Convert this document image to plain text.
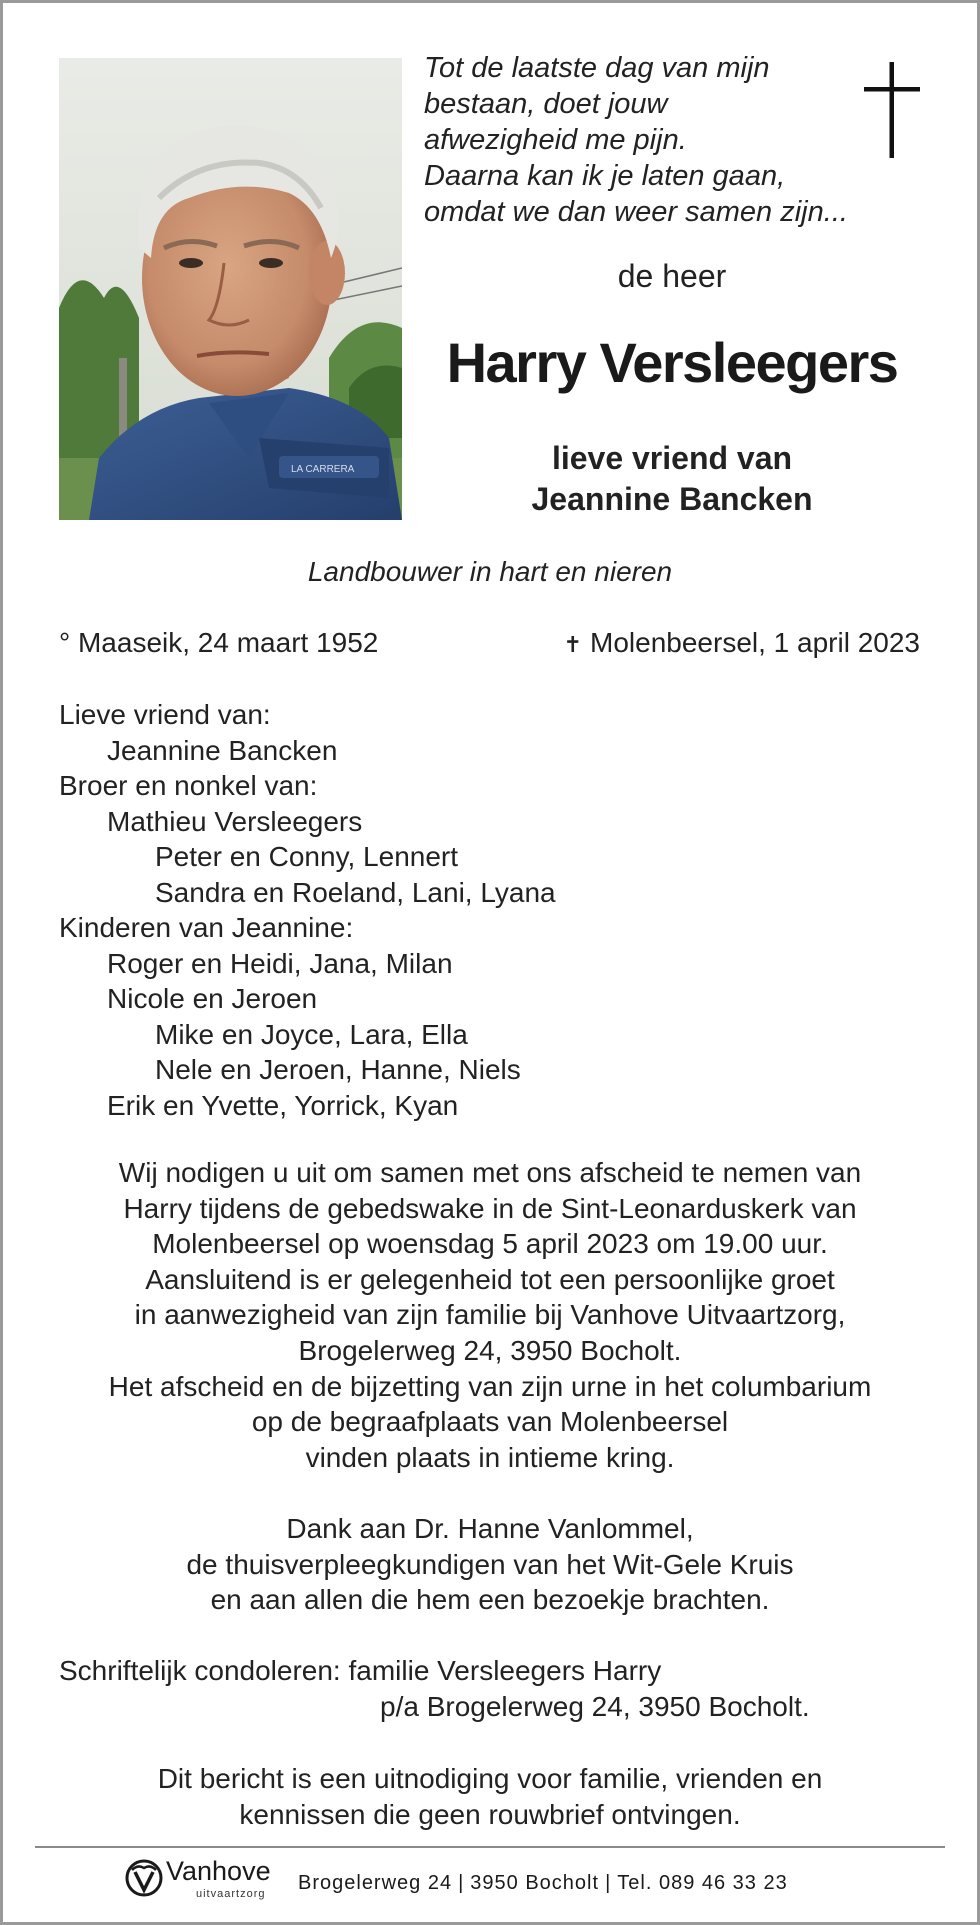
LA CARRERA
Tot de laatste dag van mijn
bestaan, doet jouw
afwezigheid me pijn.
Daarna kan ik je laten gaan,
omdat we dan weer samen zijn...
de heer
Harry Versleegers
lieve vriend van
Jeannine Bancken
Landbouwer in hart en nieren
° Maaseik, 24 maart 1952	✝ Molenbeersel, 1 april 2023
Lieve vriend van:
Jeannine Bancken
Broer en nonkel van:
Mathieu Versleegers
Peter en Conny, Lennert
Sandra en Roeland, Lani, Lyana
Kinderen van Jeannine:
Roger en Heidi, Jana, Milan
Nicole en Jeroen
Mike en Joyce, Lara, Ella
Nele en Jeroen, Hanne, Niels
Erik en Yvette, Yorrick, Kyan
Wij nodigen u uit om samen met ons afscheid te nemen van
Harry tijdens de gebedswake in de Sint-Leonarduskerk van
Molenbeersel op woensdag 5 april 2023 om 19.00 uur.
Aansluitend is er gelegenheid tot een persoonlijke groet
in aanwezigheid van zijn familie bij Vanhove Uitvaartzorg,
Brogelerweg 24, 3950 Bocholt.
Het afscheid en de bijzetting van zijn urne in het columbarium
op de begraafplaats van Molenbeersel
vinden plaats in intieme kring.
Dank aan Dr. Hanne Vanlommel,
de thuisverpleegkundigen van het Wit-Gele Kruis
en aan allen die hem een bezoekje brachten.
Schriftelijk condoleren: familie Versleegers Harry
p/a Brogelerweg 24, 3950 Bocholt.
Dit bericht is een uitnodiging voor familie, vrienden en
kennissen die geen rouwbrief ontvingen.
Vanhove
uitvaartzorg Brogelerweg 24 | 3950 Bocholt | Tel. 089 46 33 23
